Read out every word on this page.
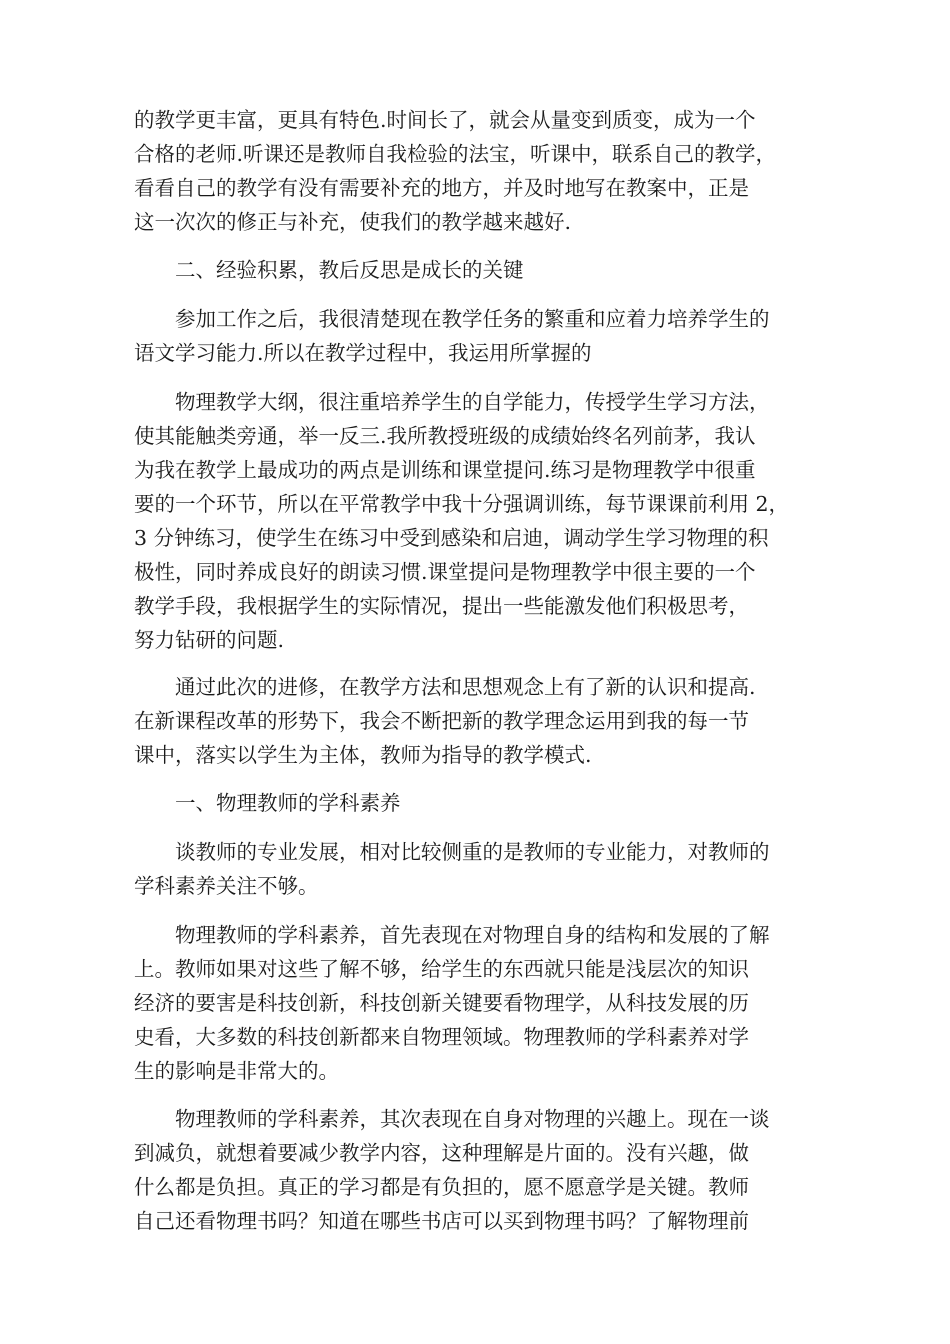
的教学更丰富，更具有特色.时间长了，就会从量变到质变，成为一个
合格的老师.听课还是教师自我检验的法宝，听课中，联系自己的教学，
看看自己的教学有没有需要补充的地方，并及时地写在教案中，正是
这一次次的修正与补充，使我们的教学越来越好.
　　二、经验积累，教后反思是成长的关键
　　参加工作之后，我很清楚现在教学任务的繁重和应着力培养学生的
语文学习能力.所以在教学过程中，我运用所掌握的
　　物理教学大纲，很注重培养学生的自学能力，传授学生学习方法，
使其能触类旁通，举一反三.我所教授班级的成绩始终名列前茅，我认
为我在教学上最成功的两点是训练和课堂提问.练习是物理教学中很重
要的一个环节，所以在平常教学中我十分强调训练，每节课课前利用 2，
3 分钟练习，使学生在练习中受到感染和启迪，调动学生学习物理的积
极性，同时养成良好的朗读习惯.课堂提问是物理教学中很主要的一个
教学手段，我根据学生的实际情况，提出一些能激发他们积极思考，
努力钻研的问题.
　　通过此次的进修，在教学方法和思想观念上有了新的认识和提高.
在新课程改革的形势下，我会不断把新的教学理念运用到我的每一节
课中，落实以学生为主体，教师为指导的教学模式.
　　一、物理教师的学科素养
　　谈教师的专业发展，相对比较侧重的是教师的专业能力，对教师的
学科素养关注不够。
　　物理教师的学科素养，首先表现在对物理自身的结构和发展的了解
上。教师如果对这些了解不够，给学生的东西就只能是浅层次的知识
经济的要害是科技创新，科技创新关键要看物理学，从科技发展的历
史看，大多数的科技创新都来自物理领域。物理教师的学科素养对学
生的影响是非常大的。
　　物理教师的学科素养，其次表现在自身对物理的兴趣上。现在一谈
到减负，就想着要减少教学内容，这种理解是片面的。没有兴趣，做
什么都是负担。真正的学习都是有负担的，愿不愿意学是关键。教师
自己还看物理书吗？知道在哪些书店可以买到物理书吗？了解物理前
